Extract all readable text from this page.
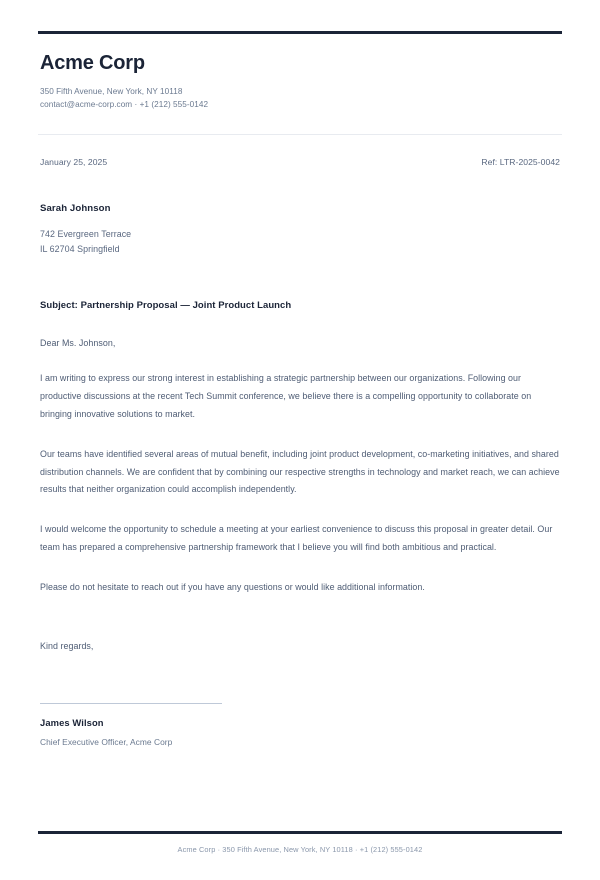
Acme Corp
350 Fifth Avenue, New York, NY 10118
contact@acme-corp.com · +1 (212) 555-0142
January 25, 2025	Ref: LTR-2025-0042
Sarah Johnson
742 Evergreen Terrace
IL 62704 Springfield
Subject: Partnership Proposal — Joint Product Launch
Dear Ms. Johnson,

I am writing to express our strong interest in establishing a strategic partnership between our organizations. Following our productive discussions at the recent Tech Summit conference, we believe there is a compelling opportunity to collaborate on bringing innovative solutions to market.

Our teams have identified several areas of mutual benefit, including joint product development, co-marketing initiatives, and shared distribution channels. We are confident that by combining our respective strengths in technology and market reach, we can achieve results that neither organization could accomplish independently.

I would welcome the opportunity to schedule a meeting at your earliest convenience to discuss this proposal in greater detail. Our team has prepared a comprehensive partnership framework that I believe you will find both ambitious and practical.

Please do not hesitate to reach out if you have any questions or would like additional information.

Kind regards,
James Wilson
Chief Executive Officer, Acme Corp
Acme Corp · 350 Fifth Avenue, New York, NY 10118 · +1 (212) 555-0142
